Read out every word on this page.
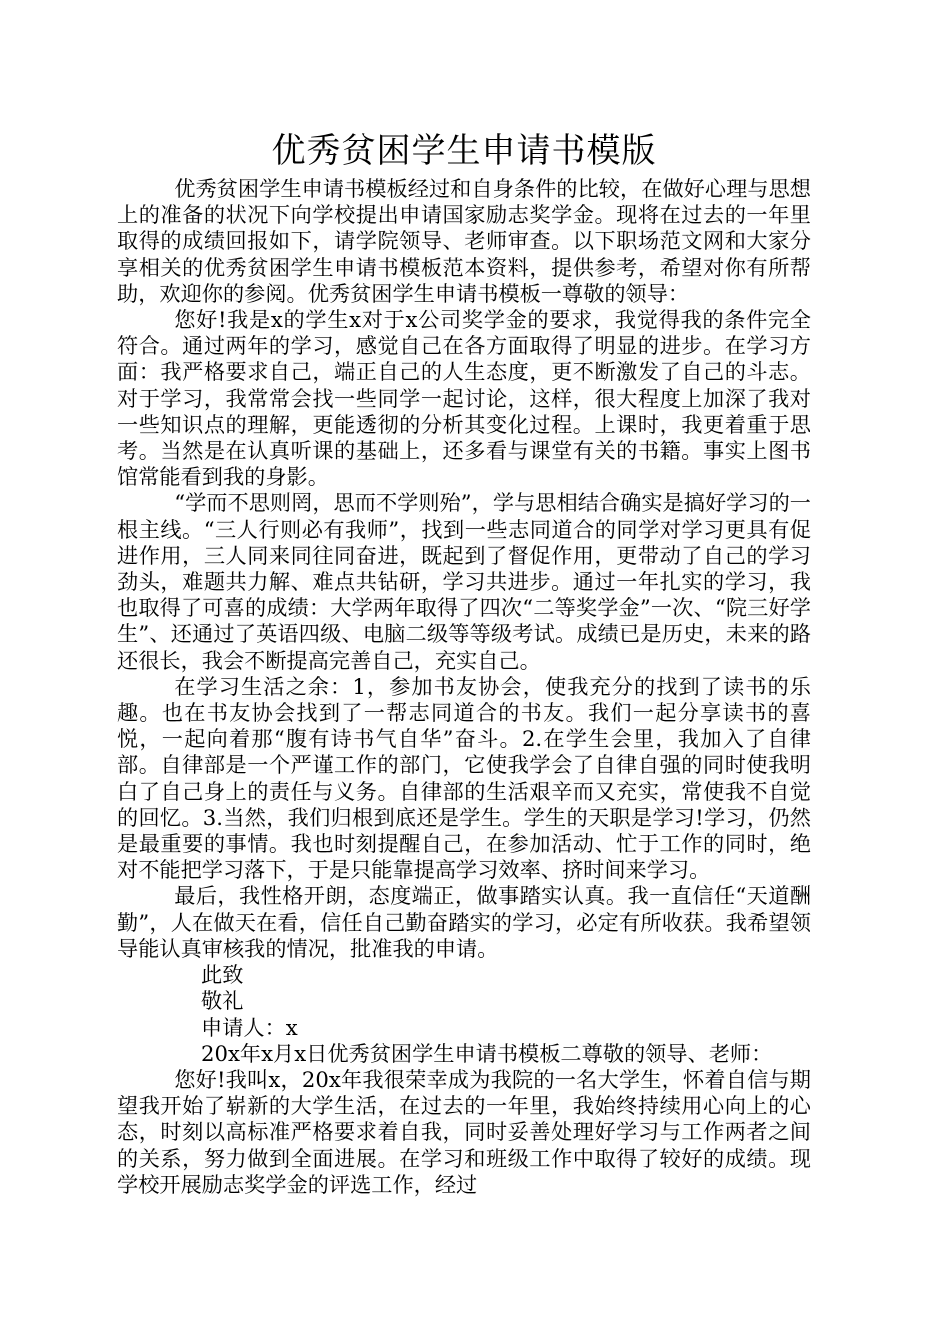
优秀贫困学生申请书模版

优秀贫困学生申请书模板经过和自身条件的比较，在做好心理与思想上的准备的状况下向学校提出申请国家励志奖学金。现将在过去的一年里取得的成绩回报如下，请学院领导、老师审查。以下职场范文网和大家分享相关的优秀贫困学生申请书模板范本资料，提供参考，希望对你有所帮助，欢迎你的参阅。优秀贫困学生申请书模板一尊敬的领导：

您好!我是x的学生x对于x公司奖学金的要求，我觉得我的条件完全符合。通过两年的学习，感觉自己在各方面取得了明显的进步。在学习方面：我严格要求自己，端正自己的人生态度，更不断激发了自己的斗志。对于学习，我常常会找一些同学一起讨论，这样，很大程度上加深了我对一些知识点的理解，更能透彻的分析其变化过程。上课时，我更着重于思考。当然是在认真听课的基础上，还多看与课堂有关的书籍。事实上图书馆常能看到我的身影。

“学而不思则罔，思而不学则殆”，学与思相结合确实是搞好学习的一根主线。“三人行则必有我师”，找到一些志同道合的同学对学习更具有促进作用，三人同来同往同奋进，既起到了督促作用，更带动了自己的学习劲头，难题共力解、难点共钻研，学习共进步。通过一年扎实的学习，我也取得了可喜的成绩：大学两年取得了四次“二等奖学金”一次、“院三好学生”、还通过了英语四级、电脑二级等等级考试。成绩已是历史，未来的路还很长，我会不断提高完善自己，充实自己。

在学习生活之余：1，参加书友协会，使我充分的找到了读书的乐趣。也在书友协会找到了一帮志同道合的书友。我们一起分享读书的喜悦，一起向着那“腹有诗书气自华”奋斗。2.在学生会里，我加入了自律部。自律部是一个严谨工作的部门，它使我学会了自律自强的同时使我明白了自己身上的责任与义务。自律部的生活艰辛而又充实，常使我不自觉的回忆。3.当然，我们归根到底还是学生。学生的天职是学习!学习，仍然是最重要的事情。我也时刻提醒自己，在参加活动、忙于工作的同时，绝对不能把学习落下，于是只能靠提高学习效率、挤时间来学习。

最后，我性格开朗，态度端正，做事踏实认真。我一直信任“天道酬勤”，人在做天在看，信任自己勤奋踏实的学习，必定有所收获。我希望领导能认真审核我的情况，批准我的申请。

此致

敬礼

申请人：x

20x年x月x日优秀贫困学生申请书模板二尊敬的领导、老师：

您好!我叫x，20x年我很荣幸成为我院的一名大学生，怀着自信与期望我开始了崭新的大学生活，在过去的一年里，我始终持续用心向上的心态，时刻以高标准严格要求着自我，同时妥善处理好学习与工作两者之间的关系，努力做到全面进展。在学习和班级工作中取得了较好的成绩。现学校开展励志奖学金的评选工作，经过
